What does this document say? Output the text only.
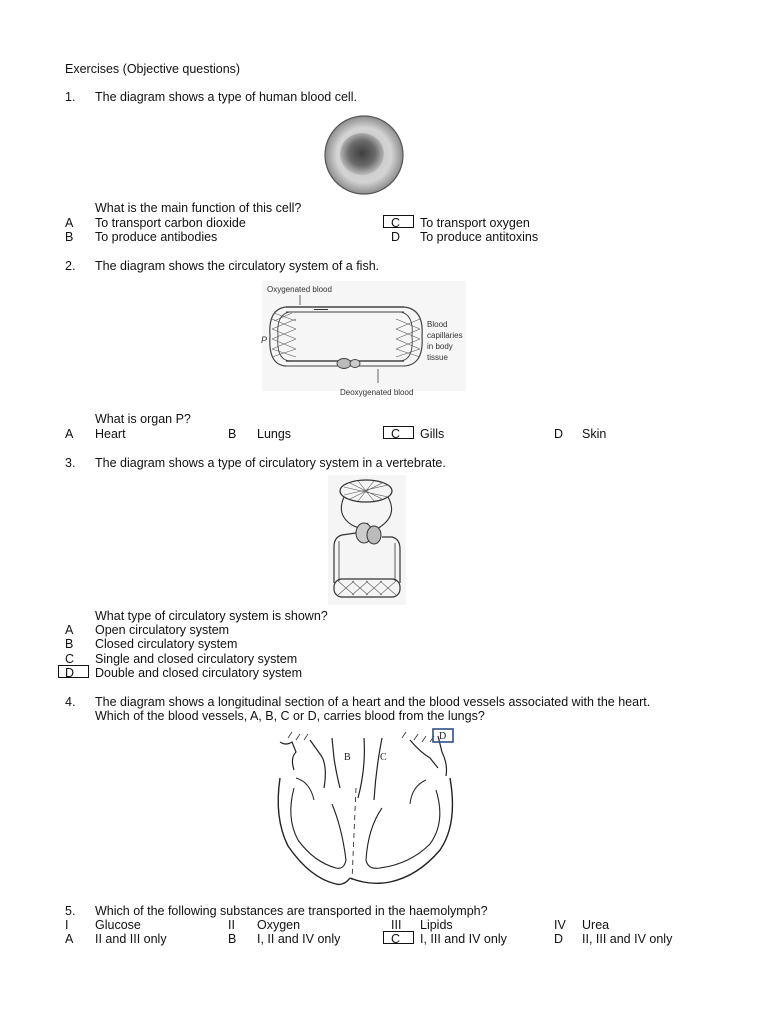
Exercises (Objective questions)
1. The diagram shows a type of human blood cell.
What is the main function of this cell?
A To transport carbon dioxide	C To transport oxygen
B To produce antibodies	D To produce antitoxins
2. The diagram shows the circulatory system of a fish.
Oxygenated blood
Deoxygenated blood
P
Blood
capillaries
in body
tissue
What is organ P?
A Heart	B Lungs	C Gills	D Skin
3. The diagram shows a type of circulatory system in a vertebrate.
What type of circulatory system is shown?
A Open circulatory system
B Closed circulatory system
C Single and closed circulatory system
D Double and closed circulatory system
4. The diagram shows a longitudinal section of a heart and the blood vessels associated with the heart.
Which of the blood vessels, A, B, C or D, carries blood from the lungs?
B	C
D
5. Which of the following substances are transported in the haemolymph?
I Glucose	II Oxygen	III Lipids	IV Urea
A II and III only	B I, II and IV only	C I, III and IV only	D II, III and IV only
